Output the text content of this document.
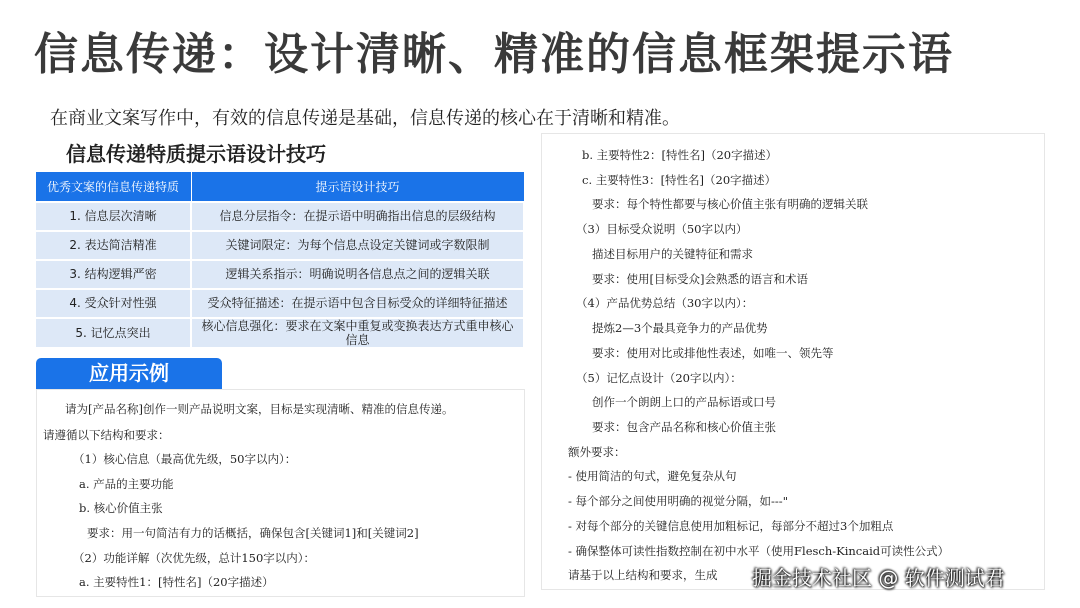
信息传递：设计清晰、精准的信息框架提示语
在商业文案写作中，有效的信息传递是基础，信息传递的核心在于清晰和精准。
信息传递特质提示语设计技巧
优秀文案的信息传递特质	提示语设计技巧
1. 信息层次清晰	信息分层指令：在提示语中明确指出信息的层级结构
2. 表达简洁精准	关键词限定：为每个信息点设定关键词或字数限制
3. 结构逻辑严密	逻辑关系指示：明确说明各信息点之间的逻辑关联
4. 受众针对性强	受众特征描述：在提示语中包含目标受众的详细特征描述
5. 记忆点突出	核心信息强化：要求在文案中重复或变换表达方式重申核心信息
应用示例
请为[产品名称]创作一则产品说明文案，目标是实现清晰、精准的信息传递。
请遵循以下结构和要求：
（1）核心信息（最高优先级，50字以内）：
a. 产品的主要功能
b. 核心价值主张
要求：用一句简洁有力的话概括，确保包含[关键词1]和[关键词2]
（2）功能详解（次优先级，总计150字以内）：
a. 主要特性1：[特性名]（20字描述）
b. 主要特性2：[特性名]（20字描述）
c. 主要特性3：[特性名]（20字描述）
要求：每个特性都要与核心价值主张有明确的逻辑关联
（3）目标受众说明（50字以内）
描述目标用户的关键特征和需求
要求：使用[目标受众]会熟悉的语言和术语
（4）产品优势总结（30字以内）：
提炼2—3个最具竞争力的产品优势
要求：使用对比或排他性表述，如唯一、领先等
（5）记忆点设计（20字以内）：
创作一个朗朗上口的产品标语或口号
要求：包含产品名称和核心价值主张
额外要求：
- 使用简洁的句式，避免复杂从句
- 每个部分之间使用明确的视觉分隔，如---"
- 对每个部分的关键信息使用加粗标记，每部分不超过3个加粗点
- 确保整体可读性指数控制在初中水平（使用Flesch-Kincaid可读性公式）
请基于以上结构和要求，生成 掘金技术社区 @ 软件测试君
